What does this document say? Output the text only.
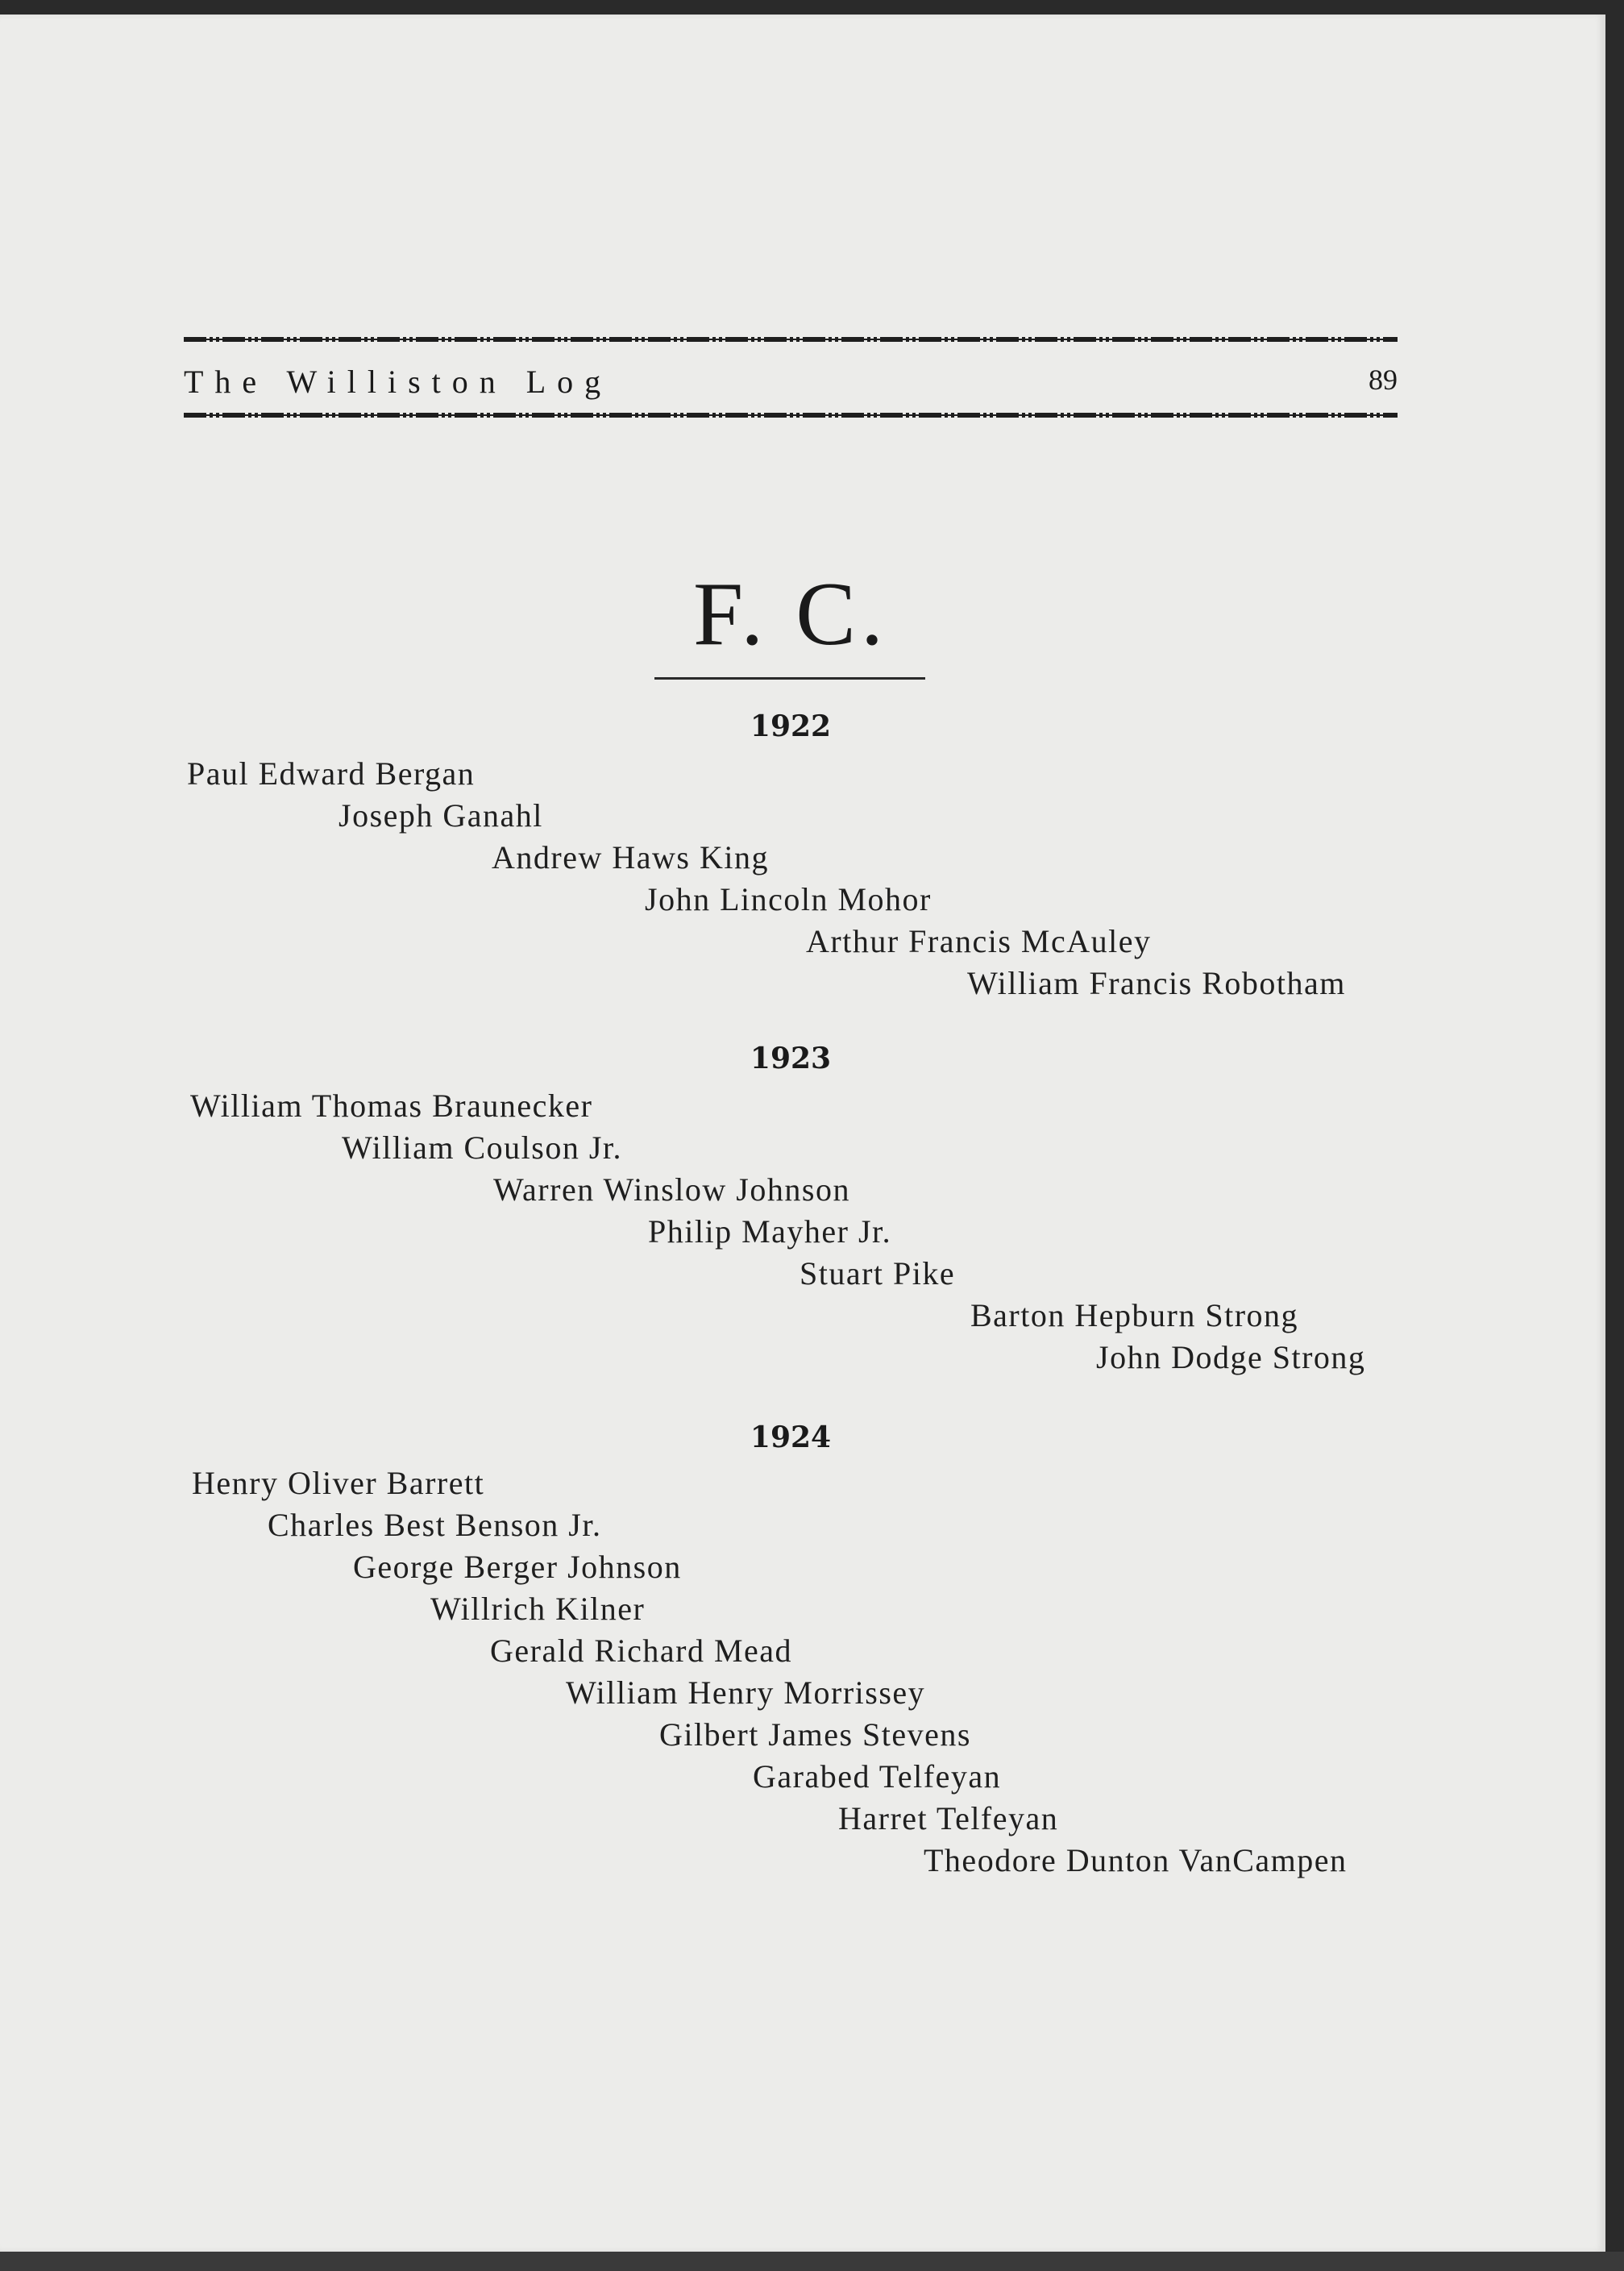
The Williston Log	89
F. C.
1922
Paul Edward Bergan
Joseph Ganahl
Andrew Haws King
John Lincoln Mohor
Arthur Francis McAuley
William Francis Robotham
1923
William Thomas Braunecker
William Coulson Jr.
Warren Winslow Johnson
Philip Mayher Jr.
Stuart Pike
Barton Hepburn Strong
John Dodge Strong
1924
Henry Oliver Barrett
Charles Best Benson Jr.
George Berger Johnson
Willrich Kilner
Gerald Richard Mead
William Henry Morrissey
Gilbert James Stevens
Garabed Telfeyan
Harret Telfeyan
Theodore Dunton VanCampen
